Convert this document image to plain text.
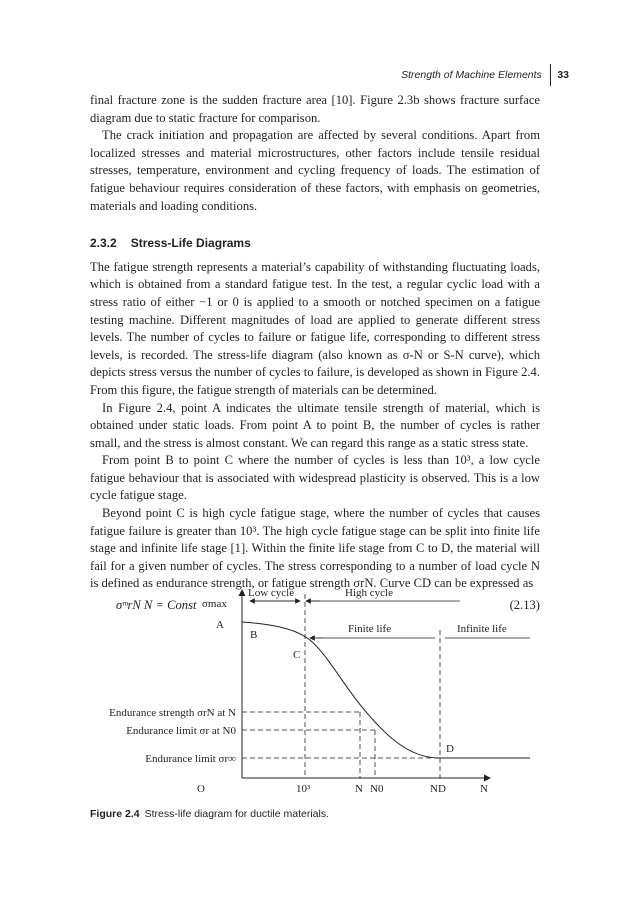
Strength of Machine Elements 33

final fracture zone is the sudden fracture area [10]. Figure 2.3b shows fracture surface diagram due to static fracture for comparison.

The crack initiation and propagation are affected by several conditions. Apart from localized stresses and material microstructures, other factors include tensile residual stresses, temperature, environment and cycling frequency of loads. The estimation of fatigue behaviour requires consideration of these factors, with emphasis on geometries, materials and loading conditions.

2.3.2 Stress-Life Diagrams

The fatigue strength represents a material’s capability of withstanding fluctuating loads, which is obtained from a standard fatigue test. In the test, a regular cyclic load with a stress ratio of either −1 or 0 is applied to a smooth or notched specimen on a fatigue testing machine. Different magnitudes of load are applied to generate different stress levels. The number of cycles to failure or fatigue life, corresponding to different stress levels, is recorded. The stress-life diagram (also known as σ-N or S-N curve), which depicts stress versus the number of cycles to failure, is developed as shown in Figure 2.4. From this figure, the fatigue strength of materials can be determined.

In Figure 2.4, point A indicates the ultimate tensile strength of material, which is obtained under static loads. From point A to point B, the number of cycles is rather small, and the stress is almost constant. We can regard this range as a static stress state.

From point B to point C where the number of cycles is less than 10³, a low cycle fatigue behaviour that is associated with widespread plasticity is observed. This is a low cycle fatigue stage.

Beyond point C is high cycle fatigue stage, where the number of cycles that causes fatigue failure is greater than 10³. The high cycle fatigue stage can be split into finite life stage and infinite life stage [1]. Within the finite life stage from C to D, the material will fail for a given number of cycles. The stress corresponding to a number of load cycle N is defined as endurance strength, or fatigue strength σrN. Curve CD can be expressed as

σᵐrN N = Const	(2.13)
Low cycle	High cycle
Finite life	Infinite life
σmax
A
B
C
D
Endurance strength σrN at N
Endurance limit σr at N0
Endurance limit σr∞
O	10³	N N0	ND	N
Figure 2.4 Stress-life diagram for ductile materials.
